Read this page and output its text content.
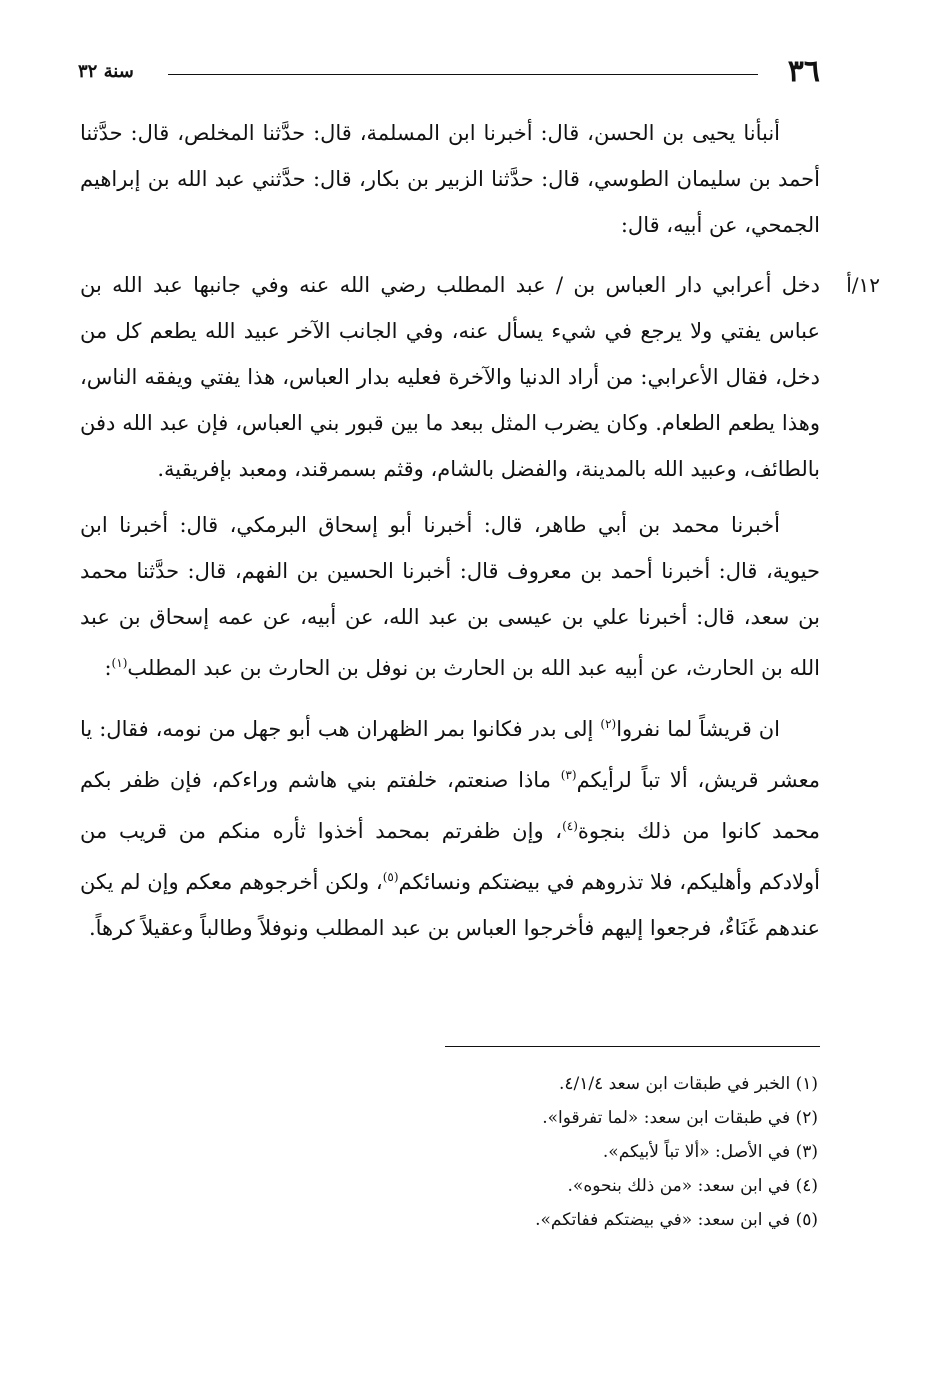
٣٦
سنة ٣٢

أنبأنا يحيى بن الحسن، قال: أخبرنا ابن المسلمة، قال: حدَّثنا المخلص، قال: حدَّثنا أحمد بن سليمان الطوسي، قال: حدَّثنا الزبير بن بكار، قال: حدَّثني عبد الله بن إبراهيم الجمحي، عن أبيه، قال:

١٢/أ

دخل أعرابي دار العباس بن / عبد المطلب رضي الله عنه وفي جانبها عبد الله بن عباس يفتي ولا يرجع في شيء يسأل عنه، وفي الجانب الآخر عبيد الله يطعم كل من دخل، فقال الأعرابي: من أراد الدنيا والآخرة فعليه بدار العباس، هذا يفتي ويفقه الناس، وهذا يطعم الطعام. وكان يضرب المثل ببعد ما بين قبور بني العباس، فإن عبد الله دفن بالطائف، وعبيد الله بالمدينة، والفضل بالشام، وقثم بسمرقند، ومعبد بإفريقية.

أخبرنا محمد بن أبي طاهر، قال: أخبرنا أبو إسحاق البرمكي، قال: أخبرنا ابن حيوية، قال: أخبرنا أحمد بن معروف قال: أخبرنا الحسين بن الفهم، قال: حدَّثنا محمد بن سعد، قال: أخبرنا علي بن عيسى بن عبد الله، عن أبيه، عن عمه إسحاق بن عبد الله بن الحارث، عن أبيه عبد الله بن الحارث بن نوفل بن الحارث بن عبد المطلب$^{(١)}$:

ان قريشاً لما نفروا$^{(٢)}$ إلى بدر فكانوا بمر الظهران هب أبو جهل من نومه، فقال: يا معشر قريش، ألا تباً لرأيكم$^{(٣)}$ ماذا صنعتم، خلفتم بني هاشم وراءكم، فإن ظفر بكم محمد كانوا من ذلك بنجوة$^{(٤)}$، وإن ظفرتم بمحمد أخذوا ثأره منكم من قريب من أولادكم وأهليكم، فلا تذروهم في بيضتكم ونسائكم$^{(٥)}$، ولكن أخرجوهم معكم وإن لم يكن عندهم غَنَاءٌ، فرجعوا إليهم فأخرجوا العباس بن عبد المطلب ونوفلاً وطالباً وعقيلاً كرهاً.

(١) الخبر في طبقات ابن سعد ٤/١/٤.

(٢) في طبقات ابن سعد: «لما تفرقوا».

(٣) في الأصل: «ألا تباً لأبيكم».

(٤) في ابن سعد: «من ذلك بنحوه».

(٥) في ابن سعد: «في بيضتكم ففاتكم».
